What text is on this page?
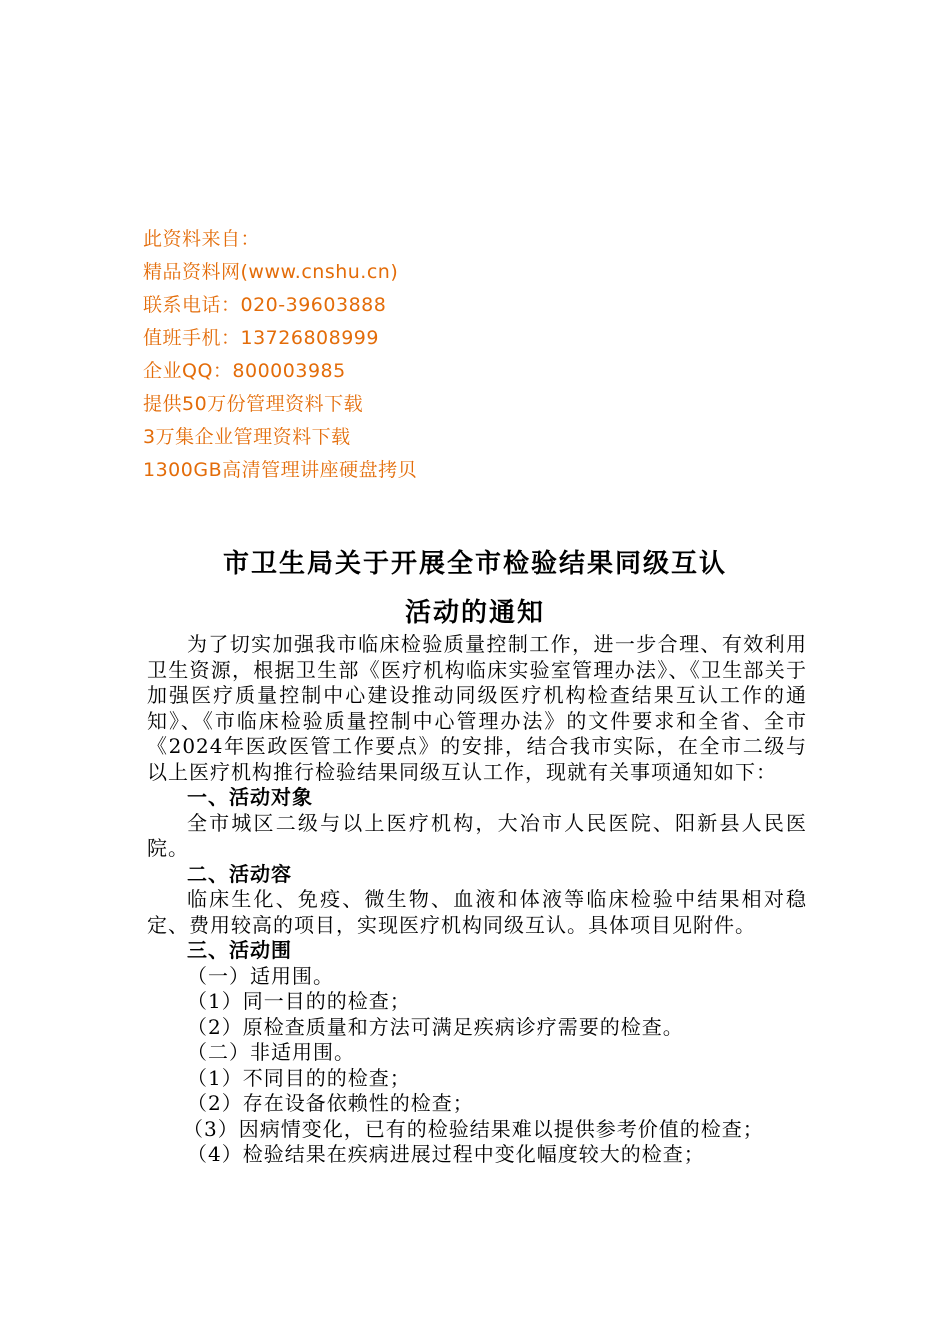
此资料来自：
精品资料网(www.cnshu.cn)
联系电话：020-39603888
值班手机：13726808999
企业QQ：800003985
提供50万份管理资料下载
3万集企业管理资料下载
1300GB高清管理讲座硬盘拷贝
市卫生局关于开展全市检验结果同级互认
活动的通知

为了切实加强我市临床检验质量控制工作，进一步合理、有效利用卫生资源，根据卫生部《医疗机构临床实验室管理办法》、《卫生部关于加强医疗质量控制中心建设推动同级医疗机构检查结果互认工作的通知》、《市临床检验质量控制中心管理办法》的文件要求和全省、全市《2024年医政医管工作要点》的安排，结合我市实际，在全市二级与以上医疗机构推行检验结果同级互认工作，现就有关事项通知如下：

一、活动对象

全市城区二级与以上医疗机构，大冶市人民医院、阳新县人民医院。

二、活动容

临床生化、免疫、微生物、血液和体液等临床检验中结果相对稳定、费用较高的项目，实现医疗机构同级互认。具体项目见附件。

三、活动围

（一）适用围。

（1）同一目的的检查；

（2）原检查质量和方法可满足疾病诊疗需要的检查。

（二）非适用围。

（1）不同目的的检查；

（2）存在设备依赖性的检查；

（3）因病情变化，已有的检验结果难以提供参考价值的检查；

（4）检验结果在疾病进展过程中变化幅度较大的检查；
